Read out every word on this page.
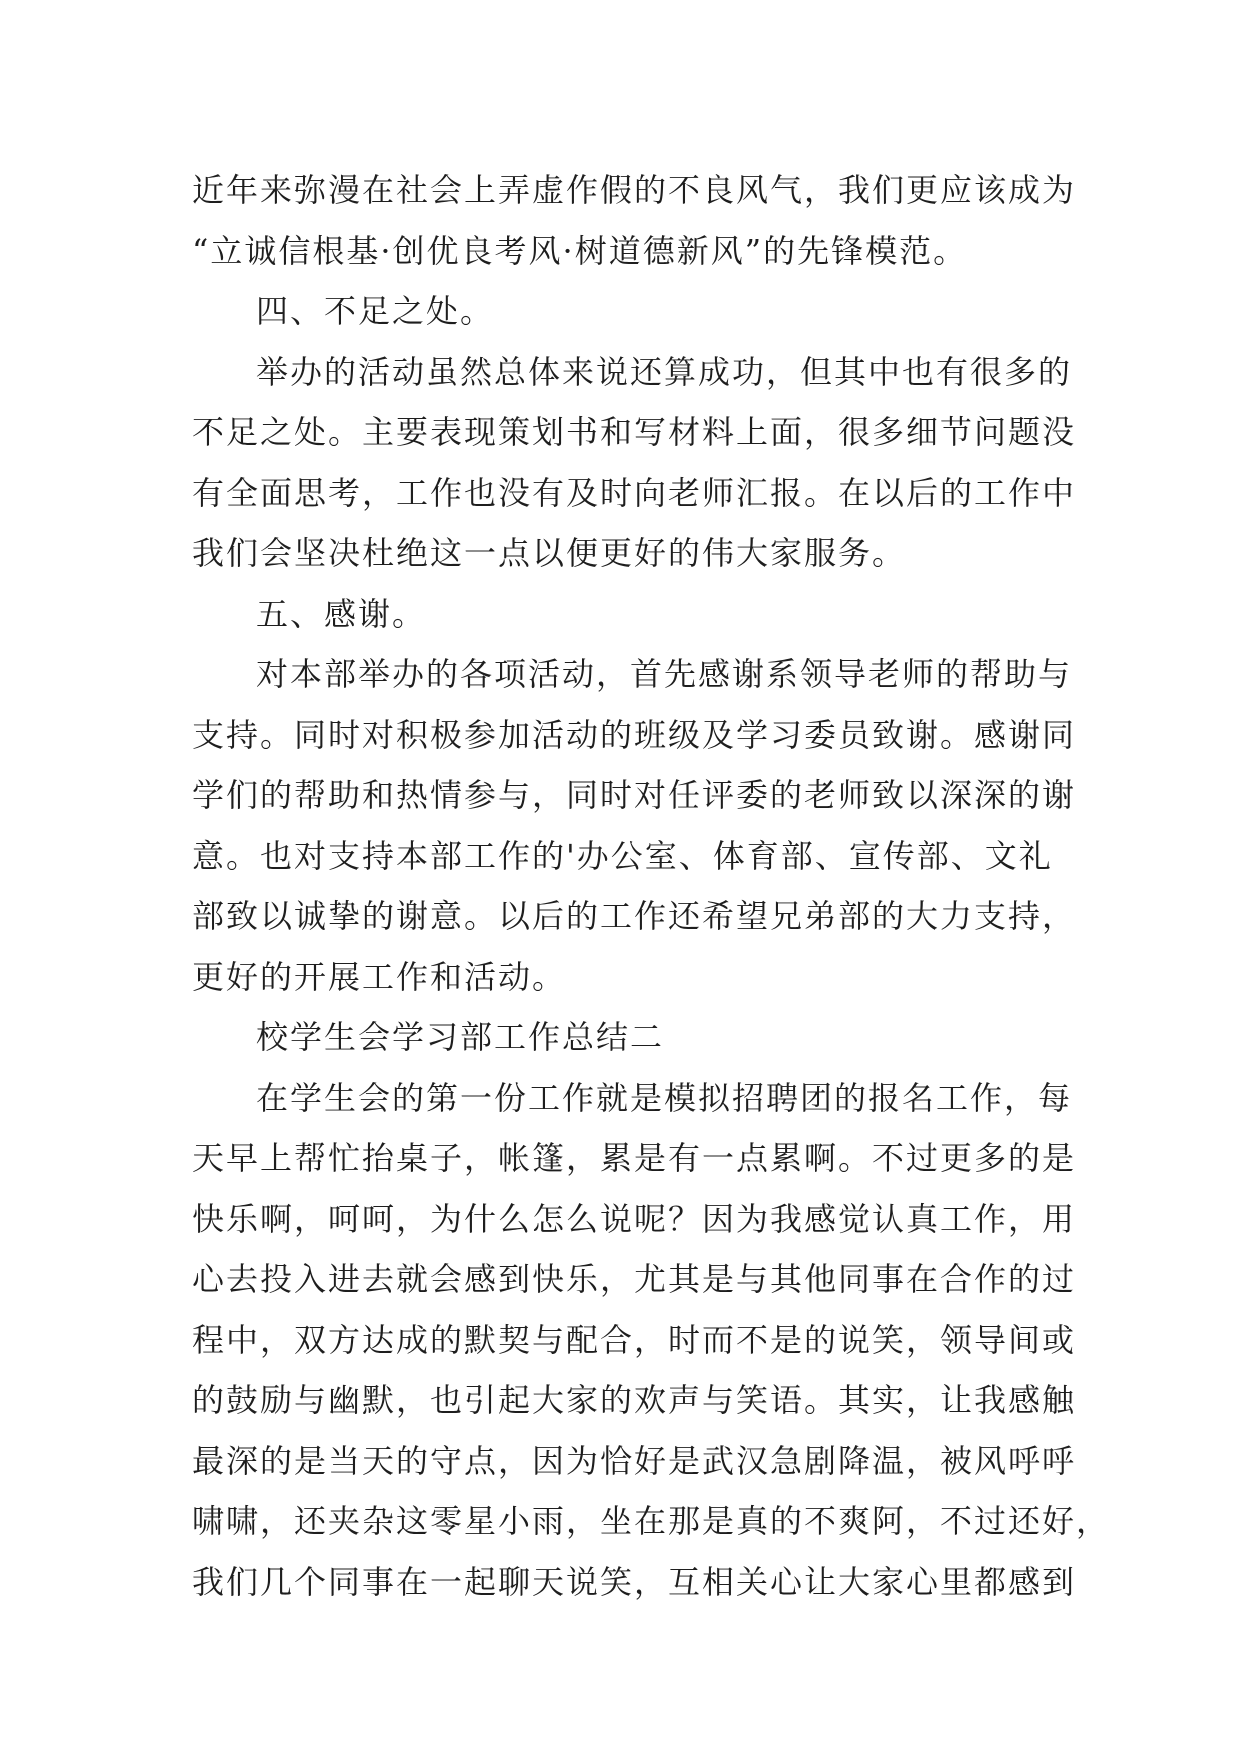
近年来弥漫在社会上弄虚作假的不良风气，我们更应该成为
“立诚信根基·创优良考风·树道德新风”的先锋模范。
四、不足之处。
举办的活动虽然总体来说还算成功，但其中也有很多的
不足之处。主要表现策划书和写材料上面，很多细节问题没
有全面思考，工作也没有及时向老师汇报。在以后的工作中
我们会坚决杜绝这一点以便更好的伟大家服务。
五、感谢。
对本部举办的各项活动，首先感谢系领导老师的帮助与
支持。同时对积极参加活动的班级及学习委员致谢。感谢同
学们的帮助和热情参与，同时对任评委的老师致以深深的谢
意。也对支持本部工作的'办公室、体育部、宣传部、文礼
部致以诚挚的谢意。以后的工作还希望兄弟部的大力支持，
更好的开展工作和活动。
校学生会学习部工作总结二
在学生会的第一份工作就是模拟招聘团的报名工作，每
天早上帮忙抬桌子，帐篷，累是有一点累啊。不过更多的是
快乐啊，呵呵，为什么怎么说呢？因为我感觉认真工作，用
心去投入进去就会感到快乐，尤其是与其他同事在合作的过
程中，双方达成的默契与配合，时而不是的说笑，领导间或
的鼓励与幽默，也引起大家的欢声与笑语。其实，让我感触
最深的是当天的守点，因为恰好是武汉急剧降温，被风呼呼
啸啸，还夹杂这零星小雨，坐在那是真的不爽阿，不过还好，
我们几个同事在一起聊天说笑，互相关心让大家心里都感到
